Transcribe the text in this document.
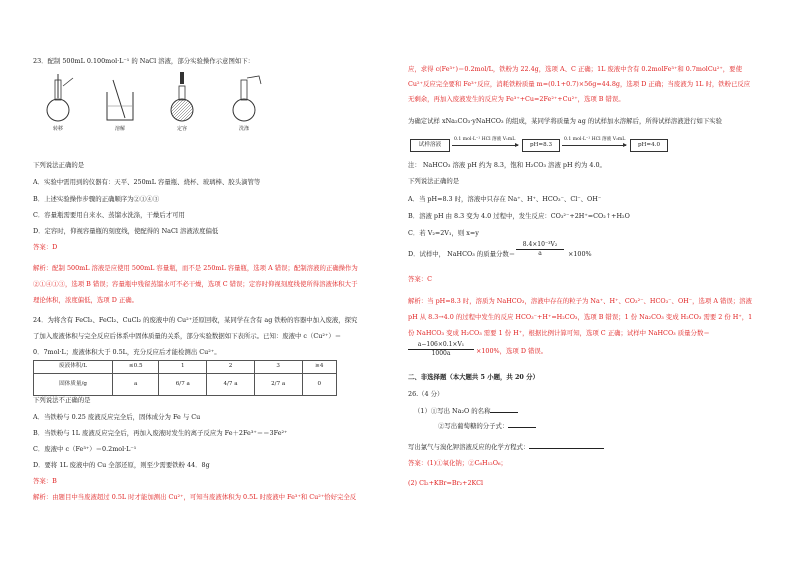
23．配制 500mL 0.100mol·L⁻¹ 的 NaCl 溶液，部分实验操作示意图如下：
转移	溶解	定容	洗涤
下列说法正确的是
A．实验中需用到的仪器有：天平、250mL 容量瓶、烧杯、玻璃棒、胶头滴管等
B．上述实验操作步骤的正确顺序为②①④③
C．容量瓶需要用自来水、蒸馏水洗涤，干燥后才可用
D．定容时，仰视容量瓶的刻度线，使配得的 NaCl 溶液浓度偏低
答案：D
解析：配制 500mL 溶液是应使用 500mL 容量瓶，而不是 250mL 容量瓶，选项 A 错误；配制溶液的正确操作为
②①④①③，选项 B 错误；容量瓶中残留蒸馏水可不必干燥，选项 C 错误；定容时仰视刻度线使所得溶液体积大于
理论体积，浓度偏低，选项 D 正确。
24．为将含有 FeCl₃、FeCl₂、CuCl₂ 的废液中的 Cu²⁺还原回收，某同学在含有 ag 铁粉的容器中加入废液，探究
了加入废液体积与完全反应后体系中固体质量的关系，部分实验数据如下表所示。已知：废液中 c（Cu²⁺）＝
0．7mol·L；废液体积大于 0.5L，充分反应后才能检测出 Cu²⁺。
废液体积/L	≤0.5	1	2	3	≥4
固体质量/g	a	6/7 a	4/7 a	2/7 a	0
下列说法不正确的是
A．当铁粉与 0.25 废液反应完全后，固体成分为 Fe 与 Cu
B．当铁粉与 1L 废液反应完全后，再加入废液时发生的离子反应为 Fe＋2Fe³⁺＝＝3Fe²⁺
C．废液中 c（Fe³⁺）＝0.2mol·L⁻¹
D．要将 1L 废液中的 Cu 全部还原，则至少需要铁粉 44．8g
答案：B
解析：由题目中当废液超过 0.5L 时才能加测出 Cu²⁺，可知当废液体积为 0.5L 时废液中 Fe³⁺和 Cu²⁺恰好完全反
应，求得 c(Fe³⁺)＝0.2mol/L，铁粉为 22.4g，选项 A、C 正确；1L 废液中含有 0.2molFe³⁺和 0.7molCu²⁺，要使
Cu²⁺反应完全要和 Fe³⁺反应，消耗铁粉质量 m=(0.1+0.7)×56g=44.8g，选项 D 正确；当废液为 1L 时，铁粉已反应
无剩余，再加入废液发生的反应为 Fe³⁺+Cu=2Fe²⁺+Cu²⁺，选项 B 错误。
为确定试样 xNa₂CO₃·yNaHCO₃ 的组成，某同学将质量为 ag 的试样加水溶解后，所得试样溶液进行如下实验
试样溶液
0.1 mol·L⁻¹ HCl 溶液 V₁mL
pH=8.3
0.1 mol·L⁻¹ HCl 溶液 V₂mL
pH=4.0
注： NaHCO₃ 溶液 pH 约为 8.3，饱和 H₂CO₃ 溶液 pH 约为 4.0。
下列说法正确的是
A．当 pH=8.3 时，溶液中只存在 Na⁺、H⁺、HCO₃⁻、Cl⁻、OH⁻
B．溶液 pH 由 8.3 变为 4.0 过程中，发生反应：CO₃²⁻+2H⁺=CO₂↑+H₂O
C．若 V₂=2V₁，则 x=y
D．试样中， NaHCO₃ 的质量分数＝
8.4×10⁻³V₂
a	×100%
答案：C
解析：当 pH=8.3 时，溶质为 NaHCO₃，溶液中存在的粒子为 Na⁺、H⁺、CO₃²⁻、HCO₃⁻、OH⁻，选项 A 错误；溶液
pH 从 8.3→4.0 的过程中发生的反应 HCO₃⁻+H⁺=H₂CO₃，选项 B 错误；1 份 Na₂CO₃ 变成 H₂CO₃ 需要 2 份 H⁺，1
份 NaHCO₃ 变成 H₂CO₃ 需要 1 份 H⁺，根据比例计算可知，选项 C 正确；试样中 NaHCO₃ 质量分数＝
a−106×0.1×V₁
1000a	×100%，选项 D 错误。
二、非选择题（本大题共 5 小题，共 20 分）
26.（4 分）
（1）①写出 Na₂O 的名称
②写出葡萄糖的分子式：
写出氯气与溴化钾溶液反应的化学方程式：
答案：(1)①氧化钠；②C₆H₁₂O₆；
(2) Cl₂+KBr=Br₂+2KCl
